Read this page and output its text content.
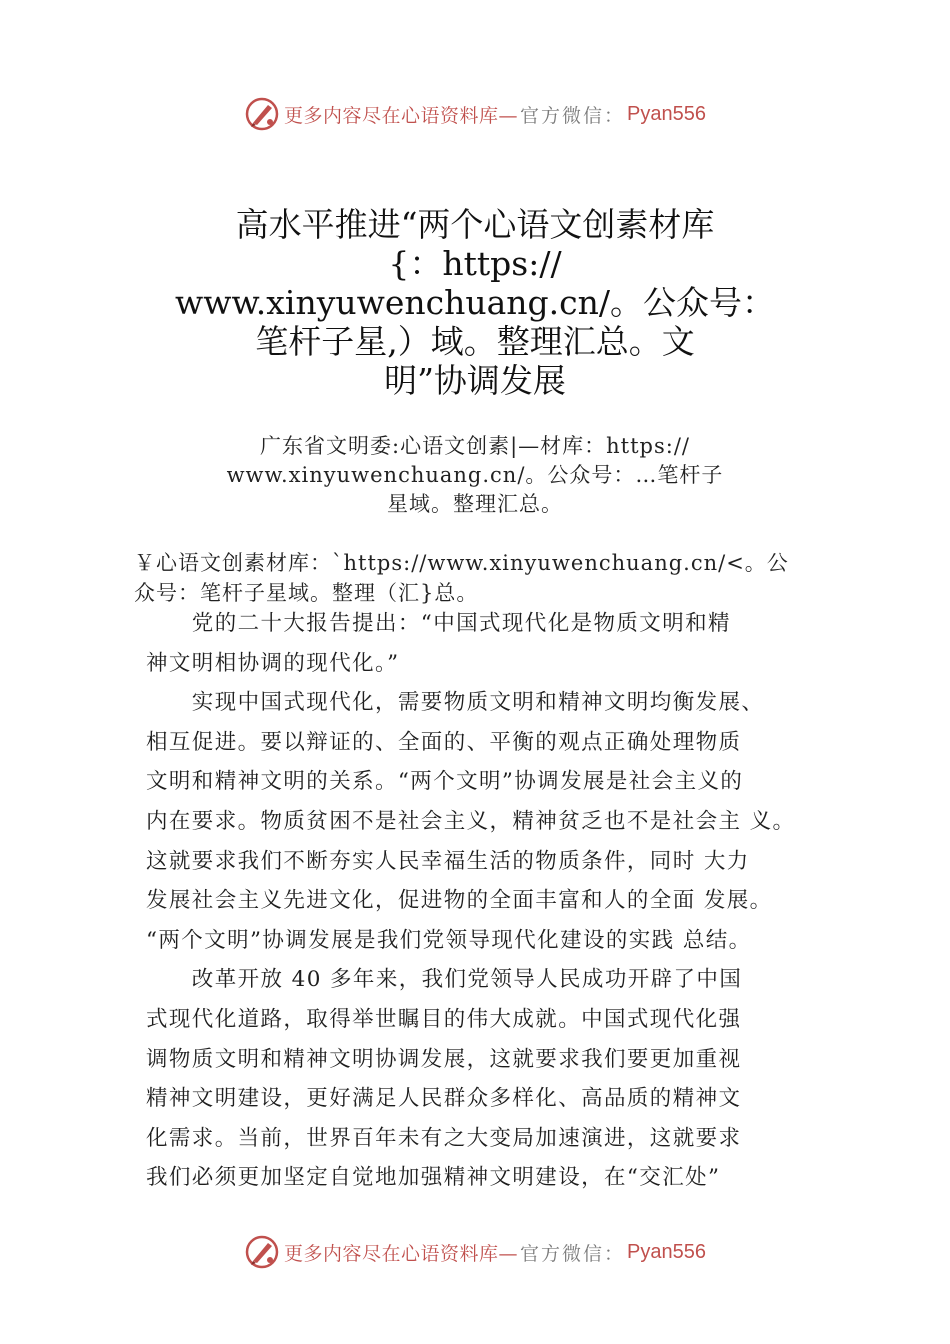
更多内容尽在心语资料库— 官方微信： Pyan556
高水平推进“两个心语文创素材库
{：https://
www.xinyuwenchuang.cn/。公众号：
笔杆子星,）域。整理汇总。文
明”协调发展
广东省文明委:心语文创素|—材库：https://
www.xinyuwenchuang.cn/。公众号：…笔杆子
星域。整理汇总。
￥心语文创素材库：`https://www.xinyuwenchuang.cn/<。公
众号：笔杆子星域。整理（汇}总。

　　党的二十大报告提出：“中国式现代化是物质文明和精

神文明相协调的现代化。”

　　实现中国式现代化，需要物质文明和精神文明均衡发展、

相互促进。要以辩证的、全面的、平衡的观点正确处理物质

文明和精神文明的关系。“两个文明”协调发展是社会主义的

内在要求。物质贫困不是社会主义，精神贫乏也不是社会主 义。

这就要求我们不断夯实人民幸福生活的物质条件，同时 大力

发展社会主义先进文化，促进物的全面丰富和人的全面 发展。

“两个文明”协调发展是我们党领导现代化建设的实践 总结。

　　改革开放 40 多年来，我们党领导人民成功开辟了中国

式现代化道路，取得举世瞩目的伟大成就。中国式现代化强

调物质文明和精神文明协调发展，这就要求我们要更加重视

精神文明建设，更好满足人民群众多样化、高品质的精神文

化需求。当前，世界百年未有之大变局加速演进，这就要求

我们必须更加坚定自觉地加强精神文明建设，在“交汇处”

更多内容尽在心语资料库— 官方微信： Pyan556
